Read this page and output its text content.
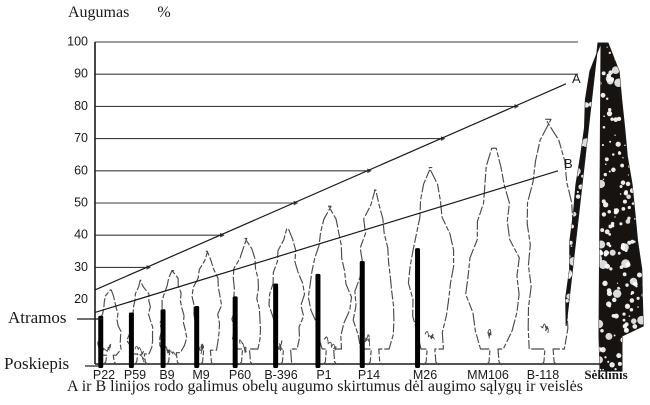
100
90
80
70
60
50
40
30
20
A
B
P22 P59 B9 M9 P60 B-396 P1 P14	M26 MM106 B-118 Sėklinis
Augumas %
Atramos
Poskiepis
A ir B linijos rodo galimus obelų augumo skirtumus dėl augimo sąlygų ir veislės
